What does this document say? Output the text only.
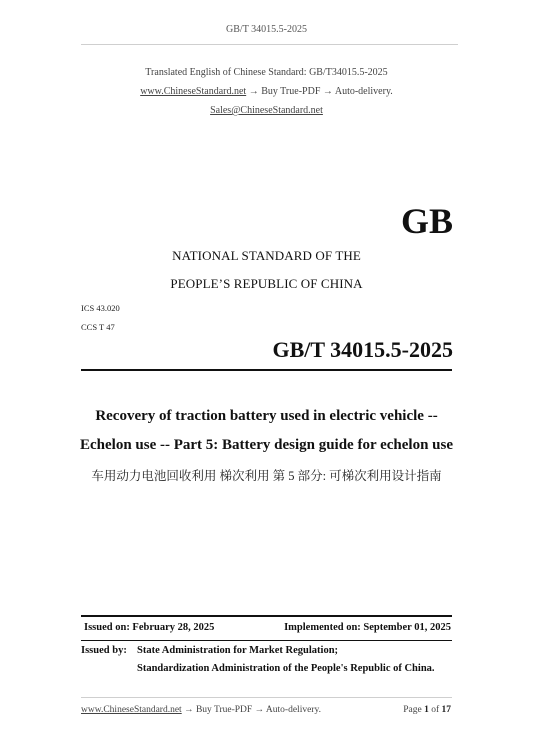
GB/T 34015.5-2025
Translated English of Chinese Standard: GB/T34015.5-2025
www.ChineseStandard.net → Buy True-PDF → Auto-delivery.
Sales@ChineseStandard.net
GB
NATIONAL STANDARD OF THE
PEOPLE’S REPUBLIC OF CHINA
ICS 43.020
CCS T 47
GB/T 34015.5-2025
Recovery of traction battery used in electric vehicle --
Echelon use -- Part 5: Battery design guide for echelon use
车用动力电池回收利用 梯次利用 第 5 部分: 可梯次利用设计指南
Issued on: February 28, 2025	Implemented on: September 01, 2025
Issued by: State Administration for Market Regulation;
Standardization Administration of the People's Republic of China.
www.ChineseStandard.net → Buy True-PDF → Auto-delivery.	Page 1 of 17
